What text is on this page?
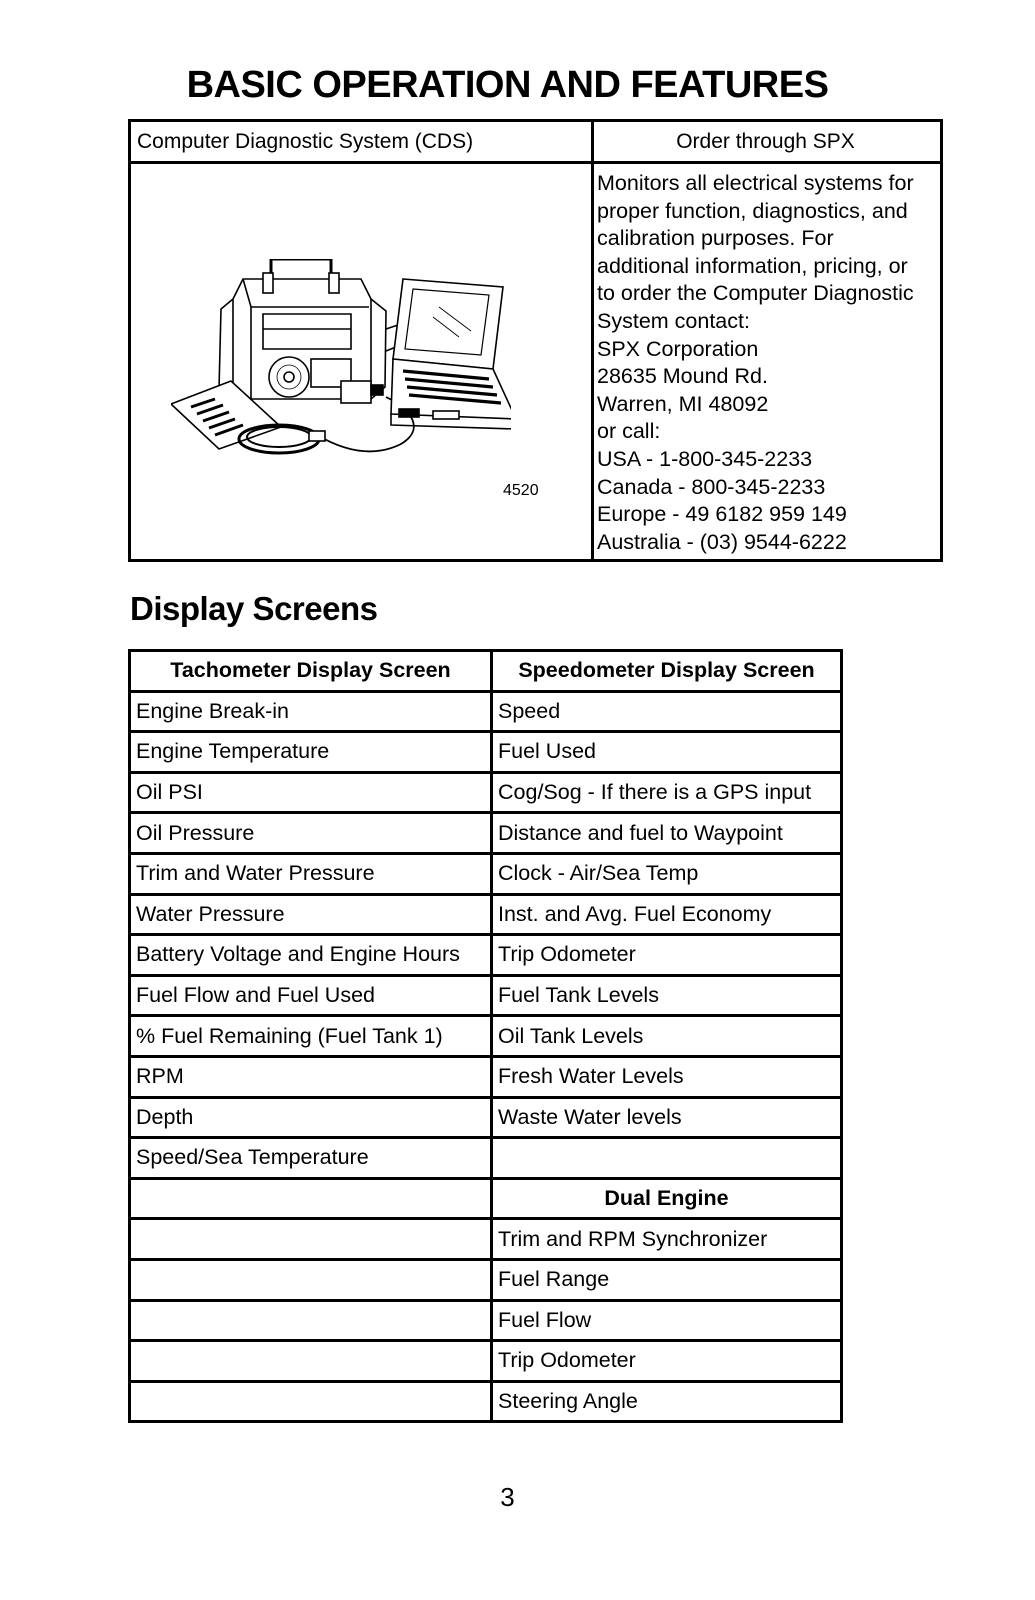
BASIC OPERATION AND FEATURES
Computer Diagnostic System (CDS)	Order through SPX
4520
Monitors all electrical systems for
proper function, diagnostics, and
calibration purposes. For
additional information, pricing, or
to order the Computer Diagnostic
System contact:
SPX Corporation
28635 Mound Rd.
Warren, MI 48092
or call:
USA - 1-800-345-2233
Canada - 800-345-2233
Europe - 49 6182 959 149
Australia - (03) 9544-6222
Display Screens
Tachometer Display Screen	Speedometer Display Screen
Engine Break-in	Speed
Engine Temperature	Fuel Used
Oil PSI	Cog/Sog - If there is a GPS input
Oil Pressure	Distance and fuel to Waypoint
Trim and Water Pressure	Clock - Air/Sea Temp
Water Pressure	Inst. and Avg. Fuel Economy
Battery Voltage and Engine Hours	Trip Odometer
Fuel Flow and Fuel Used	Fuel Tank Levels
% Fuel Remaining (Fuel Tank 1)	Oil Tank Levels
RPM	Fresh Water Levels
Depth	Waste Water levels
Speed/Sea Temperature	
	Dual Engine
	Trim and RPM Synchronizer
	Fuel Range
	Fuel Flow
	Trip Odometer
	Steering Angle
3
